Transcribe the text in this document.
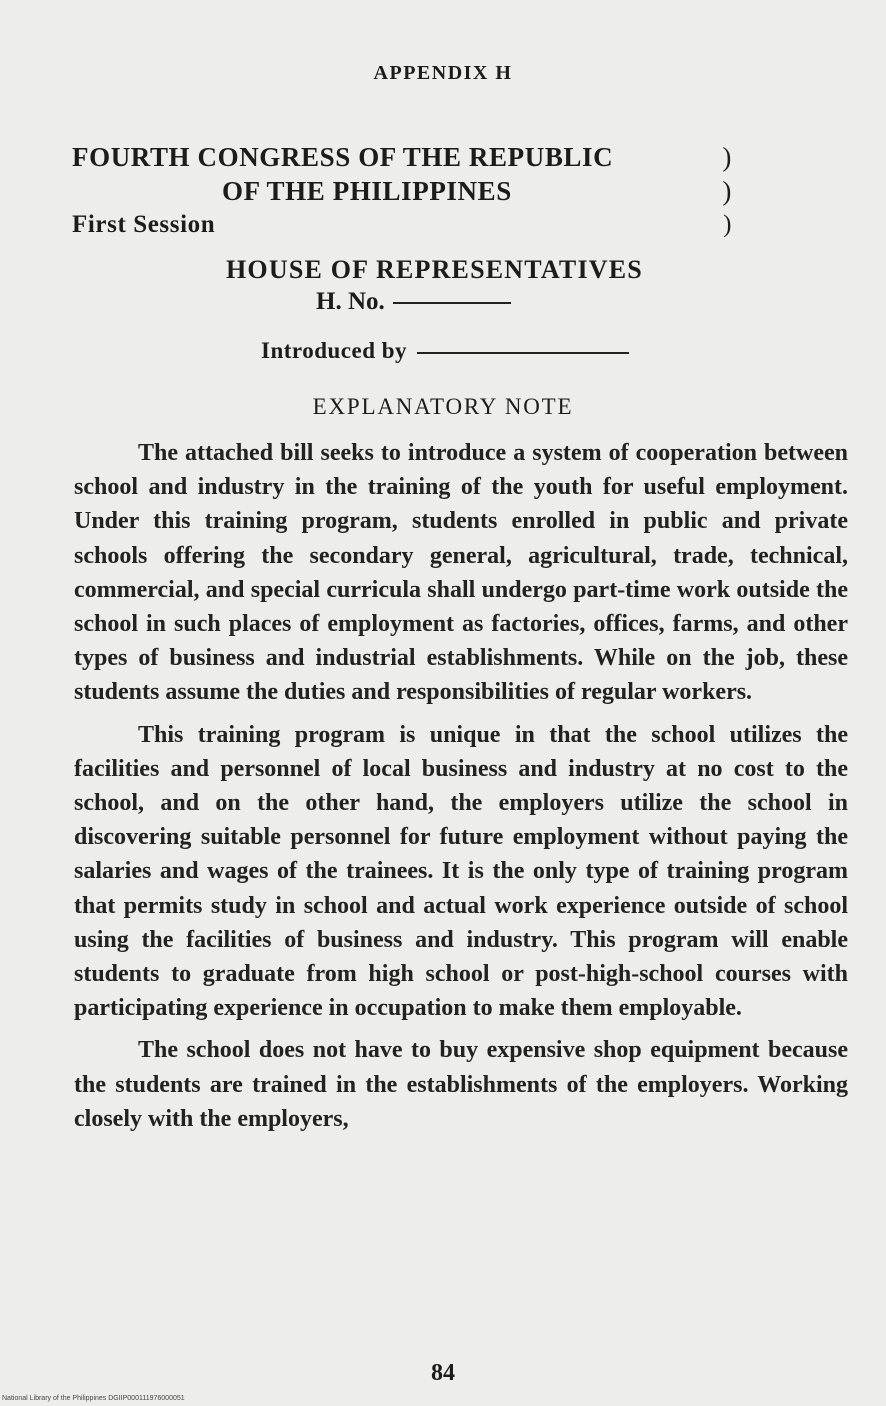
APPENDIX H
FOURTH CONGRESS OF THE REPUBLIC	)
OF THE PHILIPPINES	)
First Session	)
HOUSE OF REPRESENTATIVES
H. No.
Introduced by
EXPLANATORY NOTE

The attached bill seeks to introduce a system of cooperation between school and industry in the training of the youth for useful employment. Under this training program, students enrolled in public and private schools offering the secondary general, agricultural, trade, technical, commercial, and special curricula shall undergo part-time work outside the school in such places of employment as factories, offices, farms, and other types of business and industrial establishments. While on the job, these students assume the duties and responsibilities of regular workers.

This training program is unique in that the school utilizes the facilities and personnel of local business and industry at no cost to the school, and on the other hand, the employers utilize the school in discovering suitable personnel for future employment without paying the salaries and wages of the trainees. It is the only type of training program that permits study in school and actual work experience outside of school using the facilities of business and industry. This program will enable students to graduate from high school or post-high-school courses with participating experience in occupation to make them employable.

The school does not have to buy expensive shop equipment because the students are trained in the establishments of the employers. Working closely with the employers,

84
National Library of the Philippines DGIIP000111976000051
